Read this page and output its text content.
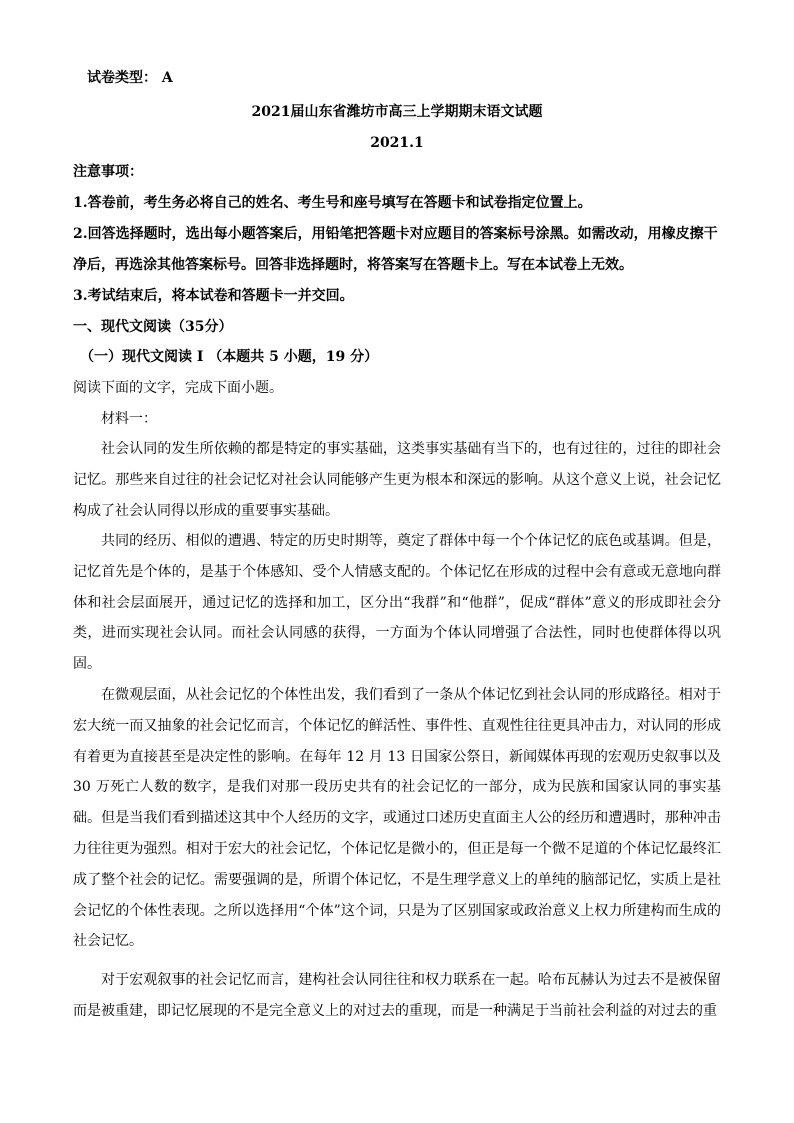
试卷类型： A
2021届山东省潍坊市高三上学期期末语文试题
2021.1
注意事项：
1.答卷前，考生务必将自己的姓名、考生号和座号填写在答题卡和试卷指定位置上。
2.回答选择题时，选出每小题答案后，用铅笔把答题卡对应题目的答案标号涂黑。如需改动，用橡皮擦干
净后，再选涂其他答案标号。回答非选择题时，将答案写在答题卡上。写在本试卷上无效。
3.考试结束后，将本试卷和答题卡一并交回。
一、现代文阅读（35分）
（一）现代文阅读 I （本题共 5 小题，19 分）
阅读下面的文字，完成下面小题。
材料一：

社会认同的发生所依赖的都是特定的事实基础，这类事实基础有当下的，也有过往的，过往的即社会记忆。那些来自过往的社会记忆对社会认同能够产生更为根本和深远的影响。从这个意义上说，社会记忆构成了社会认同得以形成的重要事实基础。

共同的经历、相似的遭遇、特定的历史时期等，奠定了群体中每一个个体记忆的底色或基调。但是，记忆首先是个体的，是基于个体感知、受个人情感支配的。个体记忆在形成的过程中会有意或无意地向群体和社会层面展开，通过记忆的选择和加工，区分出“我群”和“他群”，促成“群体”意义的形成即社会分类，进而实现社会认同。而社会认同感的获得，一方面为个体认同增强了合法性，同时也使群体得以巩固。

在微观层面，从社会记忆的个体性出发，我们看到了一条从个体记忆到社会认同的形成路径。相对于宏大统一而又抽象的社会记忆而言，个体记忆的鲜活性、事件性、直观性往往更具冲击力，对认同的形成有着更为直接甚至是决定性的影响。在每年 12 月 13 日国家公祭日，新闻媒体再现的宏观历史叙事以及 30 万死亡人数的数字，是我们对那一段历史共有的社会记忆的一部分，成为民族和国家认同的事实基础。但是当我们看到描述这其中个人经历的文字，或通过口述历史直面主人公的经历和遭遇时，那种冲击力往往更为强烈。相对于宏大的社会记忆，个体记忆是微小的，但正是每一个微不足道的个体记忆最终汇成了整个社会的记忆。需要强调的是，所谓个体记忆，不是生理学意义上的单纯的脑部记忆，实质上是社会记忆的个体性表现。之所以选择用“个体”这个词，只是为了区别国家或政治意义上权力所建构而生成的社会记忆。

对于宏观叙事的社会记忆而言，建构社会认同往往和权力联系在一起。哈布瓦赫认为过去不是被保留而是被重建，即记忆展现的不是完全意义上的对过去的重现，而是一种满足于当前社会利益的对过去的重
